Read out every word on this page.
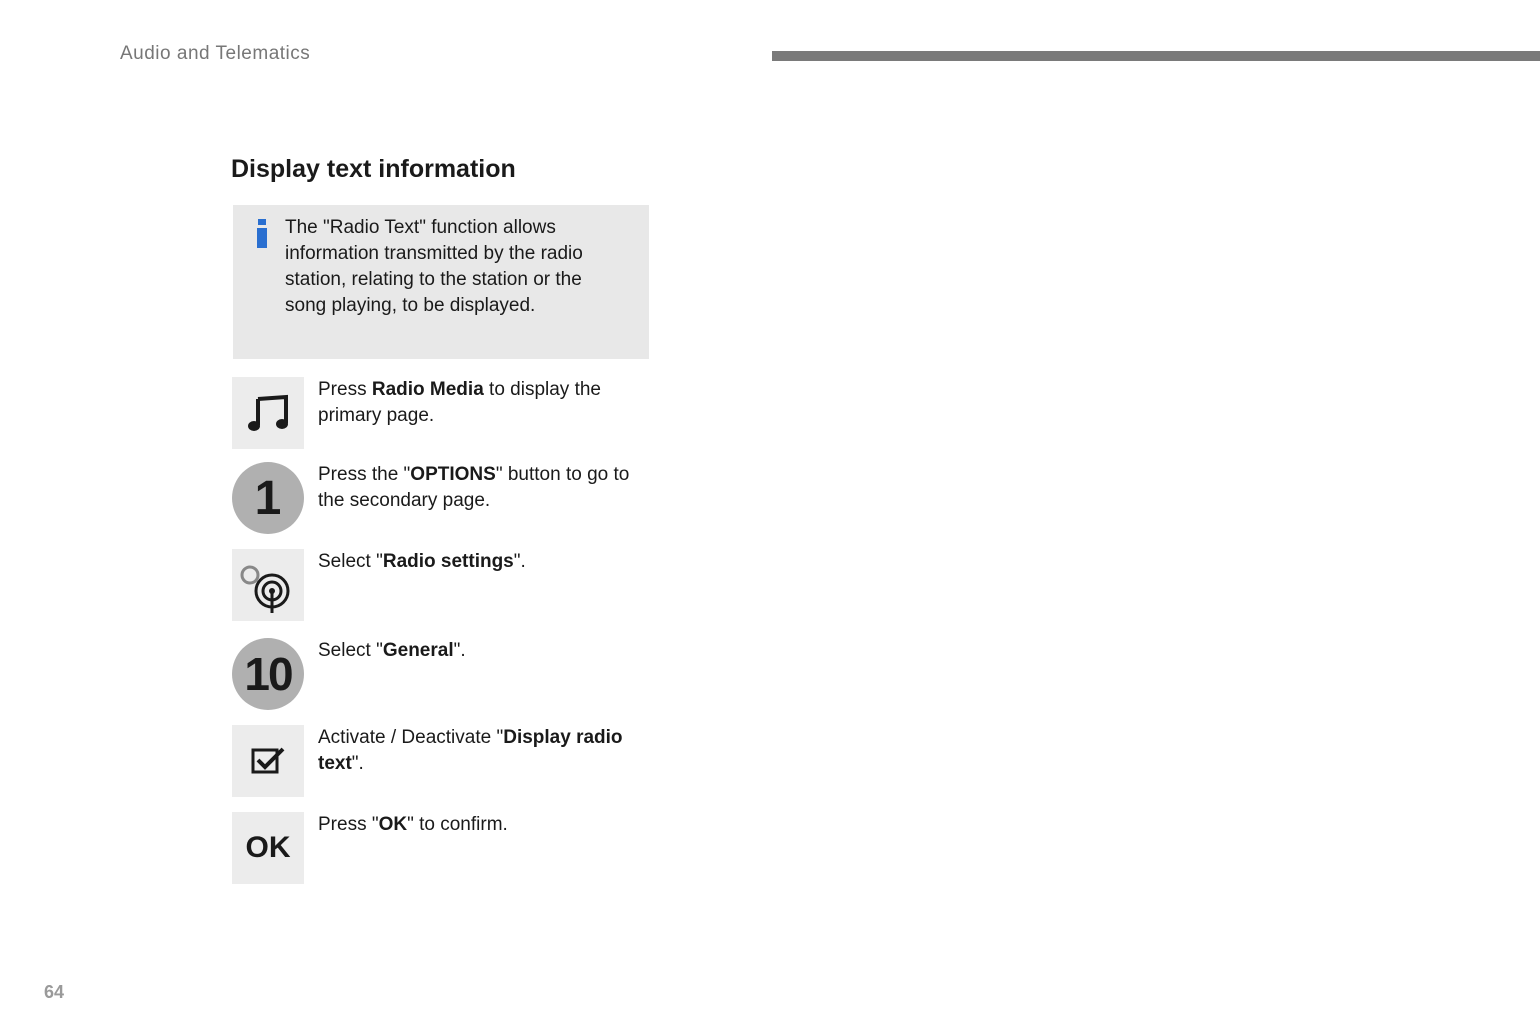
Audio and Telematics
Display text information
The "Radio Text" function allows information transmitted by the radio station, relating to the station or the song playing, to be displayed.
Press Radio Media to display the primary page.
1 Press the "OPTIONS" button to go to the secondary page.
Select "Radio settings".
10 Select "General".
Activate / Deactivate "Display radio text".
OK
Press "OK" to confirm.
64
